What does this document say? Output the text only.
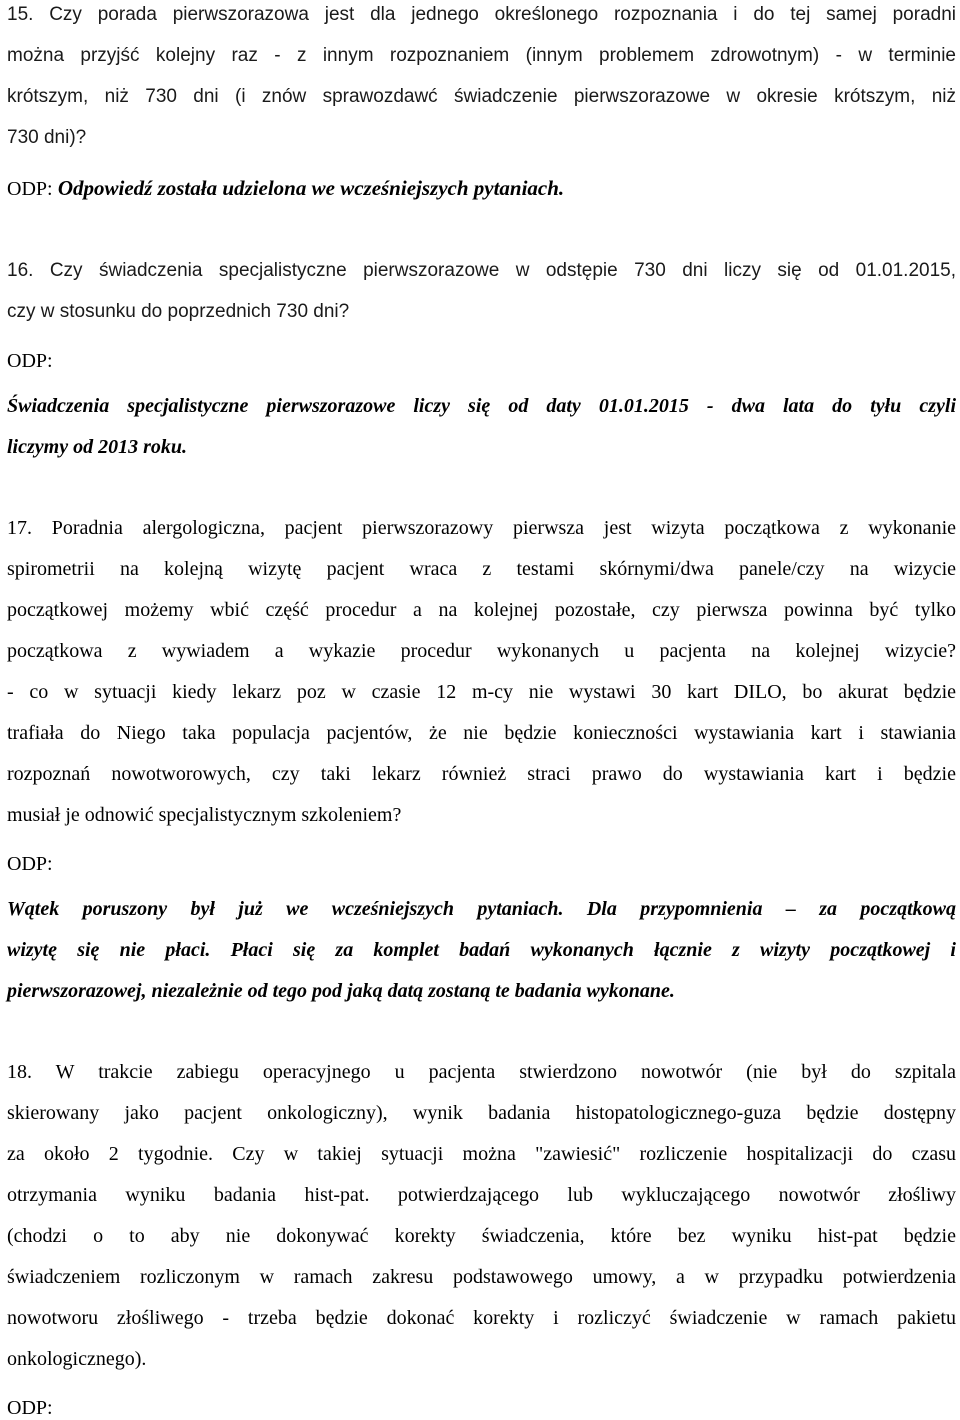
15. Czy porada pierwszorazowa jest dla jednego określonego rozpoznania i do tej samej poradni
można przyjść kolejny raz - z innym rozpoznaniem (innym problemem zdrowotnym) - w terminie
krótszym, niż 730 dni (i znów sprawozdawć świadczenie pierwszorazowe w okresie krótszym, niż
730 dni)?
ODP: Odpowiedź została udzielona we wcześniejszych pytaniach.
16. Czy świadczenia specjalistyczne pierwszorazowe w odstępie 730 dni liczy się od 01.01.2015,
czy w stosunku do poprzednich 730 dni?
ODP:
Świadczenia specjalistyczne pierwszorazowe liczy się od daty 01.01.2015 - dwa lata do tyłu czyli
liczymy od 2013 roku.
17. Poradnia alergologiczna, pacjent pierwszorazowy pierwsza jest wizyta początkowa z wykonanie
spirometrii na kolejną wizytę pacjent wraca z testami skórnymi/dwa panele/czy na wizycie
początkowej możemy wbić część procedur a na kolejnej pozostałe, czy pierwsza powinna być tylko
początkowa z wywiadem a wykazie procedur wykonanych u pacjenta na kolejnej wizycie?
- co w sytuacji kiedy lekarz poz w czasie 12 m-cy nie wystawi 30 kart DILO, bo akurat będzie
trafiała do Niego taka populacja pacjentów, że nie będzie konieczności wystawiania kart i stawiania
rozpoznań nowotworowych, czy taki lekarz również straci prawo do wystawiania kart i będzie
musiał je odnowić specjalistycznym szkoleniem?
ODP:
Wątek poruszony był już we wcześniejszych pytaniach. Dla przypomnienia – za początkową
wizytę się nie płaci. Płaci się za komplet badań wykonanych łącznie z wizyty początkowej i
pierwszorazowej, niezależnie od tego pod jaką datą zostaną te badania wykonane.
18. W trakcie zabiegu operacyjnego u pacjenta stwierdzono nowotwór (nie był do szpitala
skierowany jako pacjent onkologiczny), wynik badania histopatologicznego-guza będzie dostępny
za około 2 tygodnie. Czy w takiej sytuacji można "zawiesić" rozliczenie hospitalizacji do czasu
otrzymania wyniku badania hist-pat. potwierdzającego lub wykluczającego nowotwór złośliwy
(chodzi o to aby nie dokonywać korekty świadczenia, które bez wyniku hist-pat będzie
świadczeniem rozliczonym w ramach zakresu podstawowego umowy, a w przypadku potwierdzenia
nowotworu złośliwego - trzeba będzie dokonać korekty i rozliczyć świadczenie w ramach pakietu
onkologicznego).
ODP:
